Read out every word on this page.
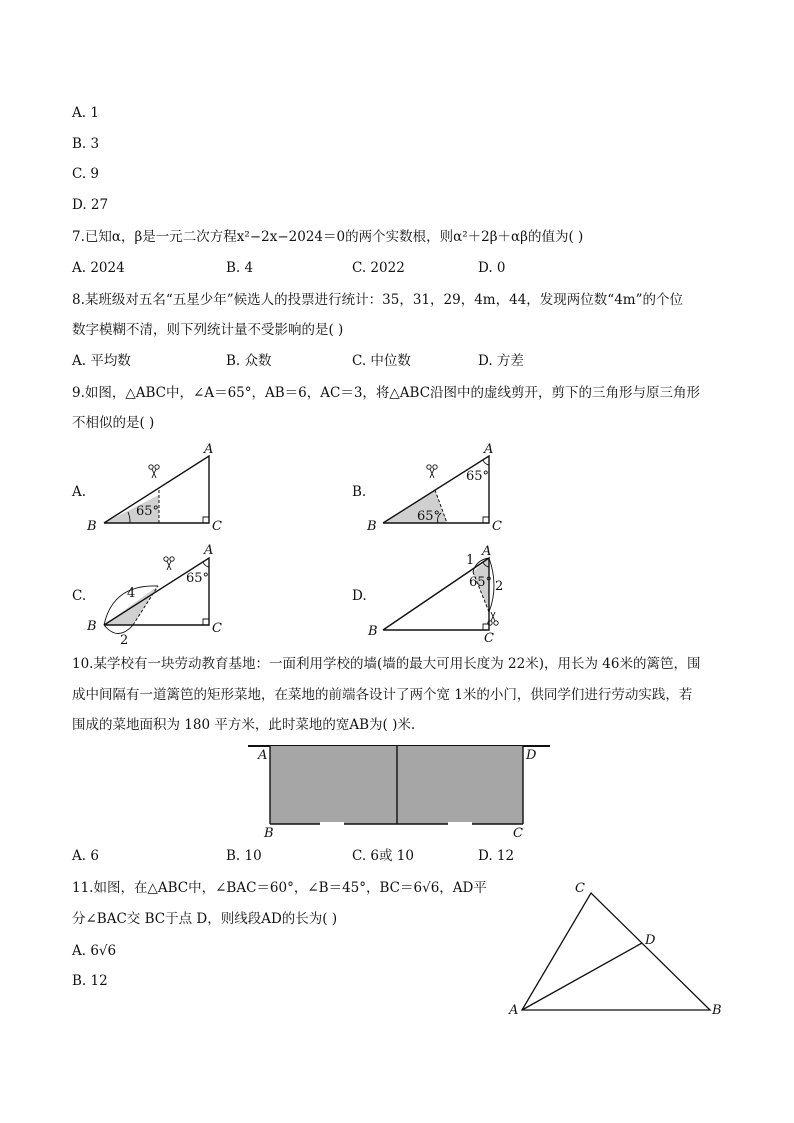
A. 1
B. 3
C. 9
D. 27
7.已知α，β是一元二次方程x²−2x−2024＝0的两个实数根，则α²＋2β＋αβ的值为( )
A. 2024	B. 4	C. 2022	D. 0
8.某班级对五名“五星少年”候选人的投票进行统计：35，31，29，4m，44，发现两位数“4m”的个位
数字模糊不清，则下列统计量不受影响的是( )
A. 平均数	B. 众数	C. 中位数	D. 方差
9.如图，△ABC中，∠A＝65°，AB＝6，AC＝3，将△ABC沿图中的虚线剪开，剪下的三角形与原三角形
不相似的是( )
A.
B	C
A
65°
B.
B	C
A
65°
65°
C.
B	C
A
65°
4
2
D.
B	C
A
65°
1
2
10.某学校有一块劳动教育基地：一面利用学校的墙(墙的最大可用长度为 22米)，用长为 46米的篱笆，围
成中间隔有一道篱笆的矩形菜地，在菜地的前端各设计了两个宽 1米的小门，供同学们进行劳动实践，若
围成的菜地面积为 180 平方米，此时菜地的宽AB为( )米.
A	D
B	C
A. 6	B. 10	C. 6或 10	D. 12
11.如图，在△ABC中，∠BAC＝60°，∠B＝45°，BC＝6√6，AD平
分∠BAC交 BC于点 D，则线段AD的长为( )
A. 6√6
B. 12
C
D
A	B
